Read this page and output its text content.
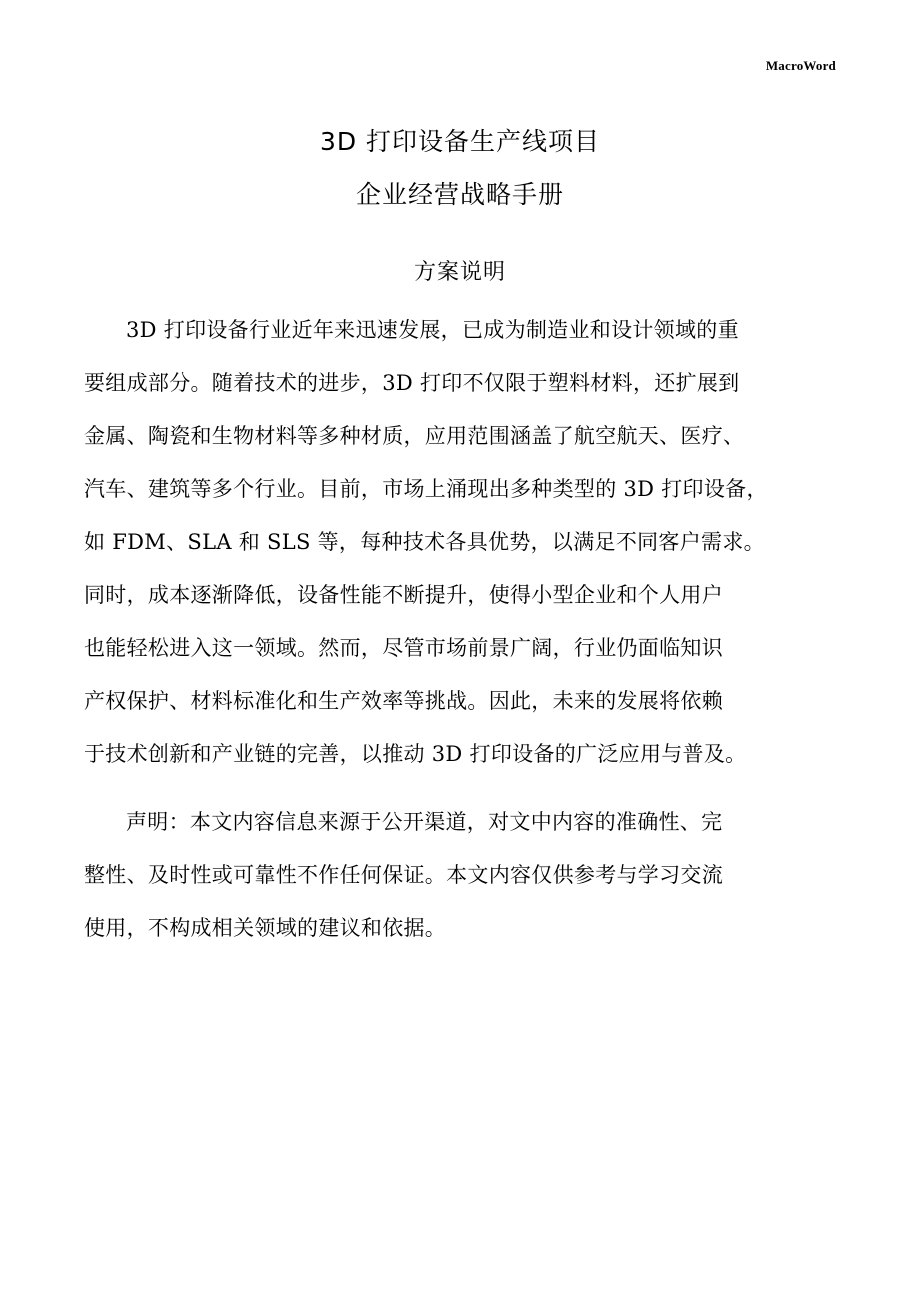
MacroWord
3D 打印设备生产线项目
企业经营战略手册
方案说明
3D 打印设备行业近年来迅速发展，已成为制造业和设计领域的重
要组成部分。随着技术的进步，3D 打印不仅限于塑料材料，还扩展到
金属、陶瓷和生物材料等多种材质，应用范围涵盖了航空航天、医疗、
汽车、建筑等多个行业。目前，市场上涌现出多种类型的 3D 打印设备，
如 FDM、SLA 和 SLS 等，每种技术各具优势，以满足不同客户需求。
同时，成本逐渐降低，设备性能不断提升，使得小型企业和个人用户
也能轻松进入这一领域。然而，尽管市场前景广阔，行业仍面临知识
产权保护、材料标准化和生产效率等挑战。因此，未来的发展将依赖
于技术创新和产业链的完善，以推动 3D 打印设备的广泛应用与普及。
声明：本文内容信息来源于公开渠道，对文中内容的准确性、完
整性、及时性或可靠性不作任何保证。本文内容仅供参考与学习交流
使用，不构成相关领域的建议和依据。
